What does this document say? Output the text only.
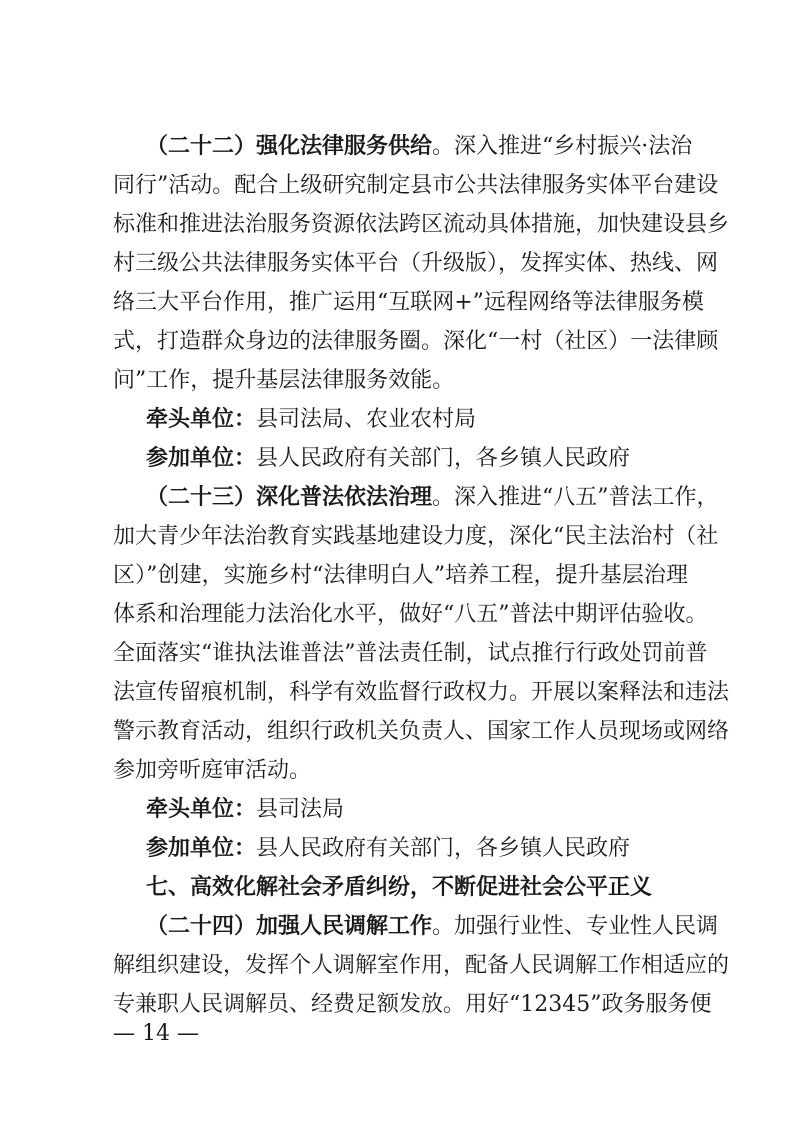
（二十二）强化法律服务供给。深入推进“乡村振兴·法治
同行”活动。配合上级研究制定县市公共法律服务实体平台建设
标准和推进法治服务资源依法跨区流动具体措施，加快建设县乡
村三级公共法律服务实体平台（升级版），发挥实体、热线、网
络三大平台作用，推广运用“互联网+”远程网络等法律服务模
式，打造群众身边的法律服务圈。深化“一村（社区）一法律顾
问”工作，提升基层法律服务效能。
牵头单位：县司法局、农业农村局
参加单位：县人民政府有关部门，各乡镇人民政府
（二十三）深化普法依法治理。深入推进“八五”普法工作，
加大青少年法治教育实践基地建设力度，深化“民主法治村（社
区）”创建，实施乡村“法律明白人”培养工程，提升基层治理
体系和治理能力法治化水平，做好“八五”普法中期评估验收。
全面落实“谁执法谁普法”普法责任制，试点推行行政处罚前普
法宣传留痕机制，科学有效监督行政权力。开展以案释法和违法
警示教育活动，组织行政机关负责人、国家工作人员现场或网络
参加旁听庭审活动。
牵头单位：县司法局
参加单位：县人民政府有关部门，各乡镇人民政府
七、高效化解社会矛盾纠纷，不断促进社会公平正义
（二十四）加强人民调解工作。加强行业性、专业性人民调
解组织建设，发挥个人调解室作用，配备人民调解工作相适应的
专兼职人民调解员、经费足额发放。用好“12345”政务服务便
— 14 —
